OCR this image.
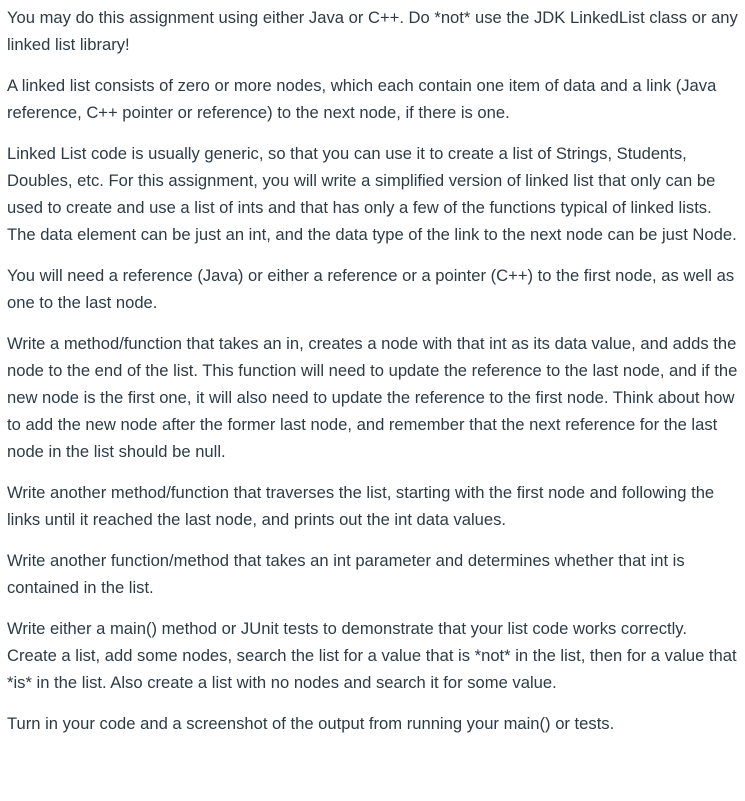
You may do this assignment using either Java or C++. Do *not* use the JDK LinkedList class or any linked list library!

A linked list consists of zero or more nodes, which each contain one item of data and a link (Java reference, C++ pointer or reference) to the next node, if there is one.

Linked List code is usually generic, so that you can use it to create a list of Strings, Students, Doubles, etc. For this assignment, you will write a simplified version of linked list that only can be used to create and use a list of ints and that has only a few of the functions typical of linked lists. The data element can be just an int, and the data type of the link to the next node can be just Node.

You will need a reference (Java) or either a reference or a pointer (C++) to the first node, as well as one to the last node.

Write a method/function that takes an in, creates a node with that int as its data value, and adds the node to the end of the list. This function will need to update the reference to the last node, and if the new node is the first one, it will also need to update the reference to the first node. Think about how to add the new node after the former last node, and remember that the next reference for the last node in the list should be null.

Write another method/function that traverses the list, starting with the first node and following the links until it reached the last node, and prints out the int data values.

Write another function/method that takes an int parameter and determines whether that int is contained in the list.

Write either a main() method or JUnit tests to demonstrate that your list code works correctly. Create a list, add some nodes, search the list for a value that is *not* in the list, then for a value that *is* in the list. Also create a list with no nodes and search it for some value.

Turn in your code and a screenshot of the output from running your main() or tests.
